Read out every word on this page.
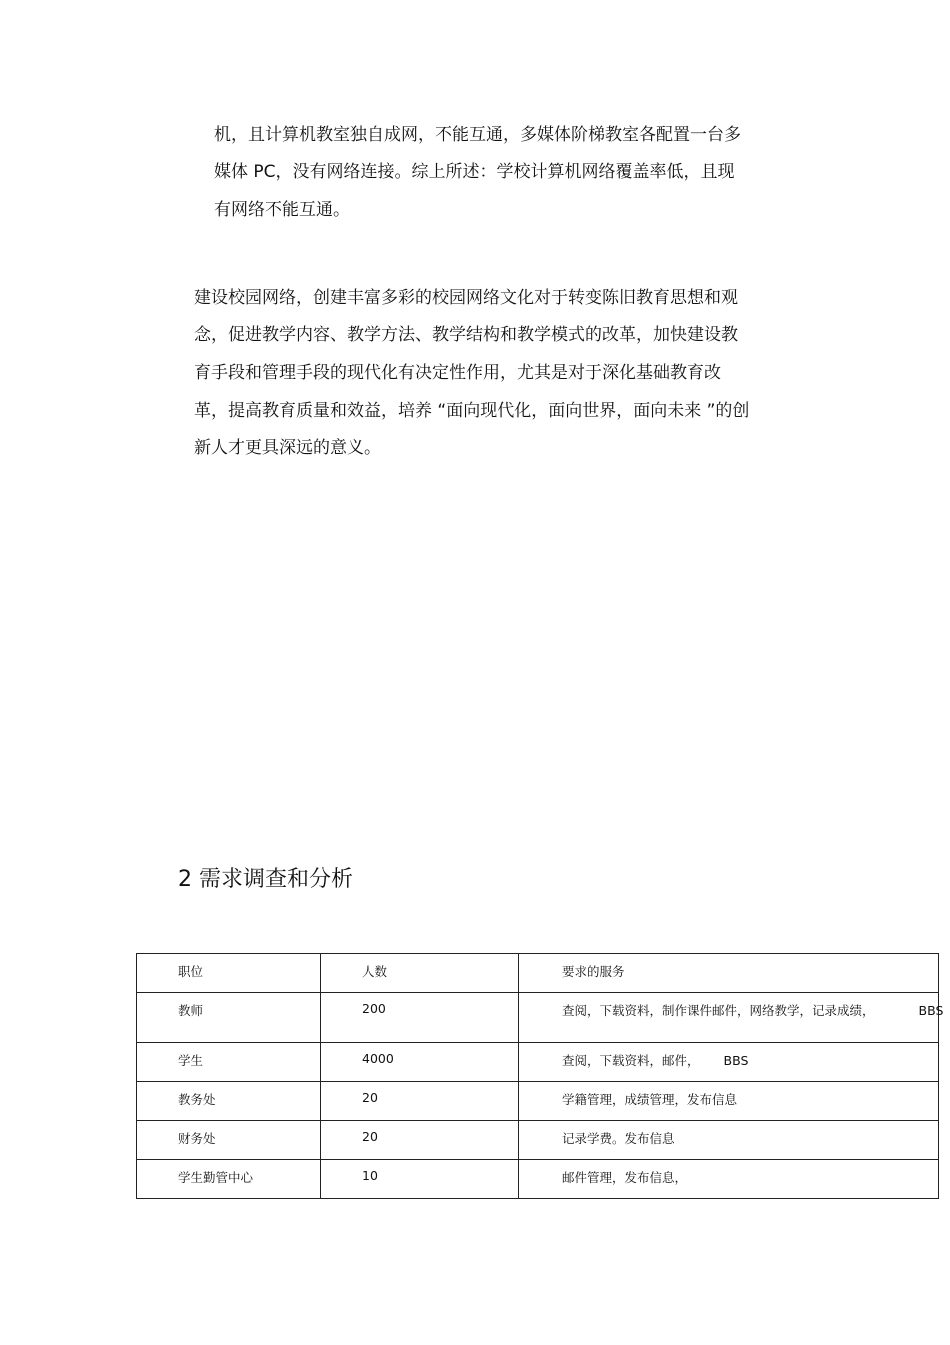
机，且计算机教室独自成网，不能互通，多媒体阶梯教室各配置一台多
媒体 PC，没有网络连接。综上所述：学校计算机网络覆盖率低，且现
有网络不能互通。
建设校园网络，创建丰富多彩的校园网络文化对于转变陈旧教育思想和观
念，促进教学内容、教学方法、教学结构和教学模式的改革，加快建设教
育手段和管理手段的现代化有决定性作用，尤其是对于深化基础教育改
革，提高教育质量和效益，培养 “面向现代化，面向世界，面向未来 ”的创
新人才更具深远的意义。
2 需求调查和分析
职位	人数	要求的服务
教师	200	查阅，下载资料，制作课件邮件，网络教学，记录成绩， BBS
学生	4000	查阅，下载资料，邮件， BBS
教务处	20	学籍管理，成绩管理，发布信息
财务处	20	记录学费。发布信息
学生勤管中心	10	邮件管理，发布信息，
